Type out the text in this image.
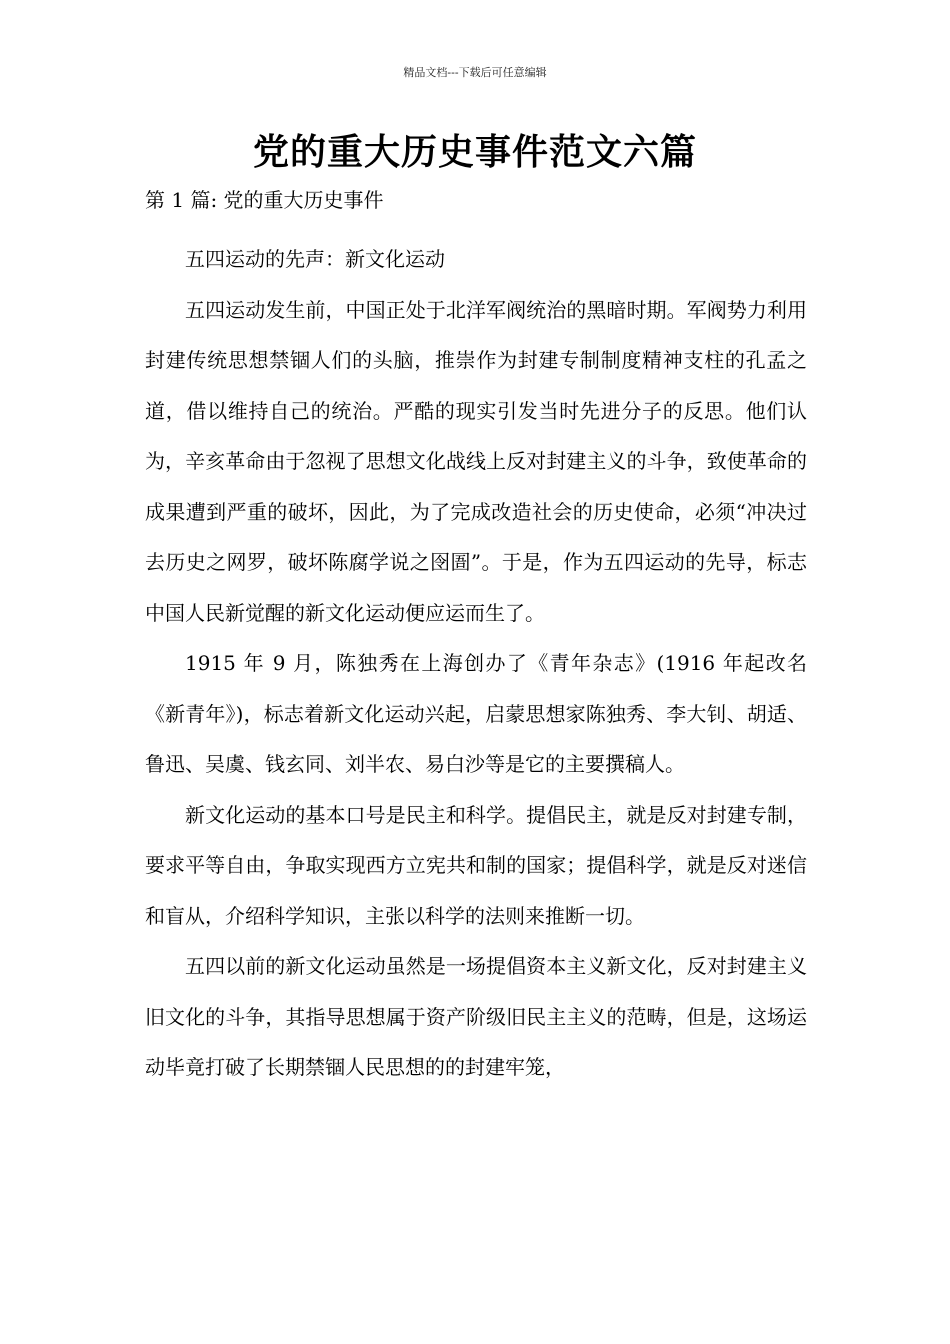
精品文档---下载后可任意编辑
党的重大历史事件范文六篇
第 1 篇: 党的重大历史事件

五四运动的先声：新文化运动

五四运动发生前，中国正处于北洋军阀统治的黑暗时期。军阀势力利用封建传统思想禁锢人们的头脑，推崇作为封建专制制度精神支柱的孔孟之道，借以维持自己的统治。严酷的现实引发当时先进分子的反思。他们认为，辛亥革命由于忽视了思想文化战线上反对封建主义的斗争，致使革命的成果遭到严重的破坏，因此，为了完成改造社会的历史使命，必须“冲决过去历史之网罗，破坏陈腐学说之囹圄”。于是，作为五四运动的先导，标志中国人民新觉醒的新文化运动便应运而生了。

1915 年 9 月，陈独秀在上海创办了《青年杂志》(1916 年起改名《新青年》)，标志着新文化运动兴起，启蒙思想家陈独秀、李大钊、胡适、鲁迅、吴虞、钱玄同、刘半农、易白沙等是它的主要撰稿人。

新文化运动的基本口号是民主和科学。提倡民主，就是反对封建专制，要求平等自由，争取实现西方立宪共和制的国家；提倡科学，就是反对迷信和盲从，介绍科学知识，主张以科学的法则来推断一切。

五四以前的新文化运动虽然是一场提倡资本主义新文化，反对封建主义旧文化的斗争，其指导思想属于资产阶级旧民主主义的范畴，但是，这场运动毕竟打破了长期禁锢人民思想的的封建牢笼，
